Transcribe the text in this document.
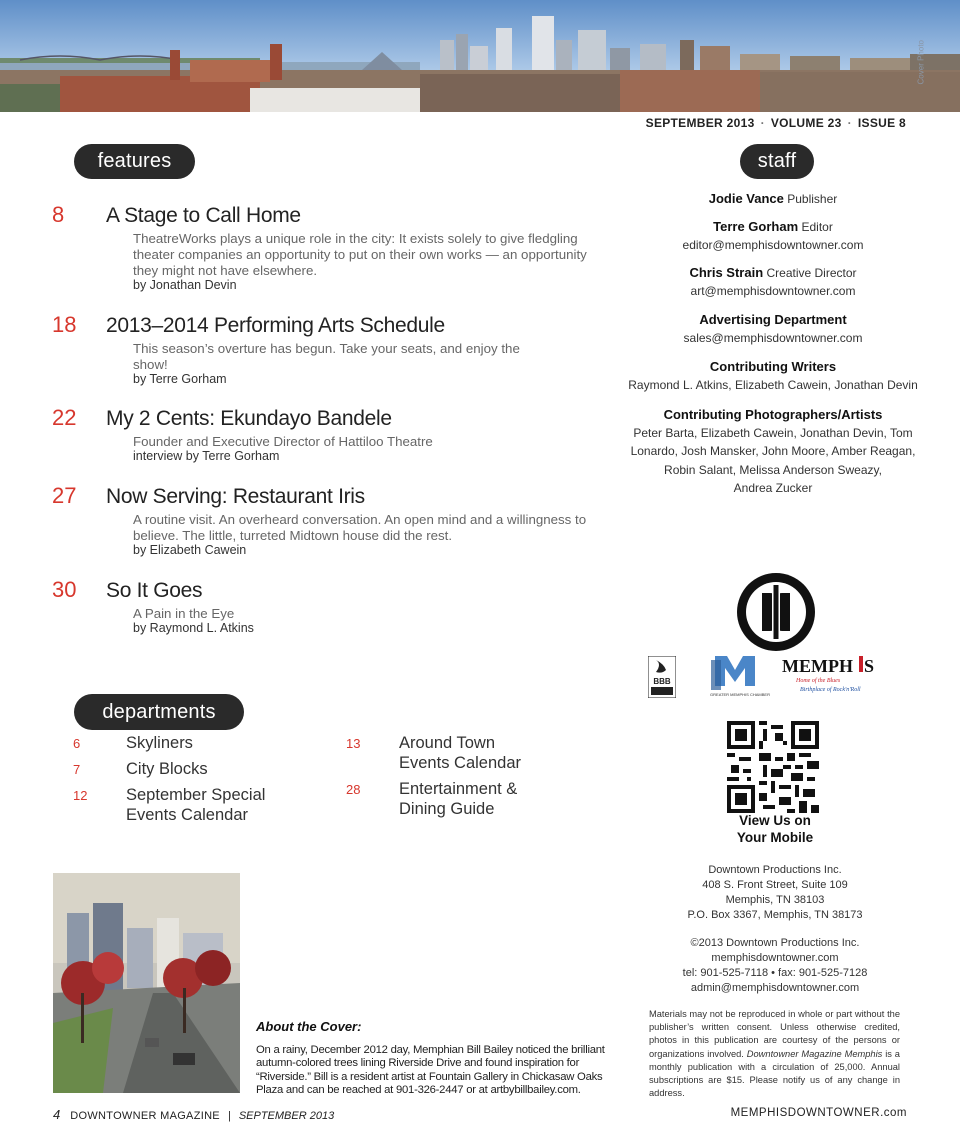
Cover Photo
SEPTEMBER 2013 · VOLUME 23 · ISSUE 8
features
8 A Stage to Call Home
TheatreWorks plays a unique role in the city: It exists solely to give fledgling theater companies an opportunity to put on their own works — an opportunity they might not have elsewhere.
by Jonathan Devin
18 2013–2014 Performing Arts Schedule
This season’s overture has begun. Take your seats, and enjoy the show!
by Terre Gorham
22 My 2 Cents: Ekundayo Bandele
Founder and Executive Director of Hattiloo Theatre
interview by Terre Gorham
27 Now Serving: Restaurant Iris
A routine visit. An overheard conversation. An open mind and a willingness to believe. The little, turreted Midtown house did the rest.
by Elizabeth Cawein
30 So It Goes
A Pain in the Eye
by Raymond L. Atkins
departments
6	Skyliners
7	City Blocks
12 September Special
Events Calendar
13 Around Town
Events Calendar
28 Entertainment &
Dining Guide
staff
Jodie Vance Publisher
Terre Gorham Editor
editor@memphisdowntowner.com
Chris Strain Creative Director
art@memphisdowntowner.com
Advertising Department
sales@memphisdowntowner.com
Contributing Writers
Raymond L. Atkins, Elizabeth Cawein, Jonathan Devin
Contributing Photographers/Artists
Peter Barta, Elizabeth Cawein, Jonathan Devin, Tom
Lonardo, Josh Mansker, John Moore, Amber Reagan,
Robin Salant, Melissa Anderson Sweazy,
Andrea Zucker
BBB
GREATER MEMPHIS CHAMBER
MEMPH S
Home of the Blues
Birthplace of Rock'n'Roll
View Us on
Your Mobile
Downtown Productions Inc.
408 S. Front Street, Suite 109
Memphis, TN 38103
P.O. Box 3367, Memphis, TN 38173
©2013 Downtown Productions Inc.
memphisdowntowner.com
tel: 901-525-7118 • fax: 901-525-7128
admin@memphisdowntowner.com
Materials may not be reproduced in whole or part without the publisher’s written consent. Unless otherwise credited, photos in this publication are courtesy of the persons or organizations involved. Downtowner Magazine Memphis is a monthly publication with a circulation of 25,000. Annual subscriptions are $15. Please notify us of any change in address.
About the Cover:
On a rainy, December 2012 day, Memphian Bill Bailey noticed the brilliant autumn-colored trees lining Riverside Drive and found inspiration for “Riverside.” Bill is a resident artist at Fountain Gallery in Chickasaw Oaks Plaza and can be reached at 901-326-2447 or at artbybillbailey.com.
4 DOWNTOWNER MAGAZINE | SEPTEMBER 2013	MEMPHISDOWNTOWNER.com
